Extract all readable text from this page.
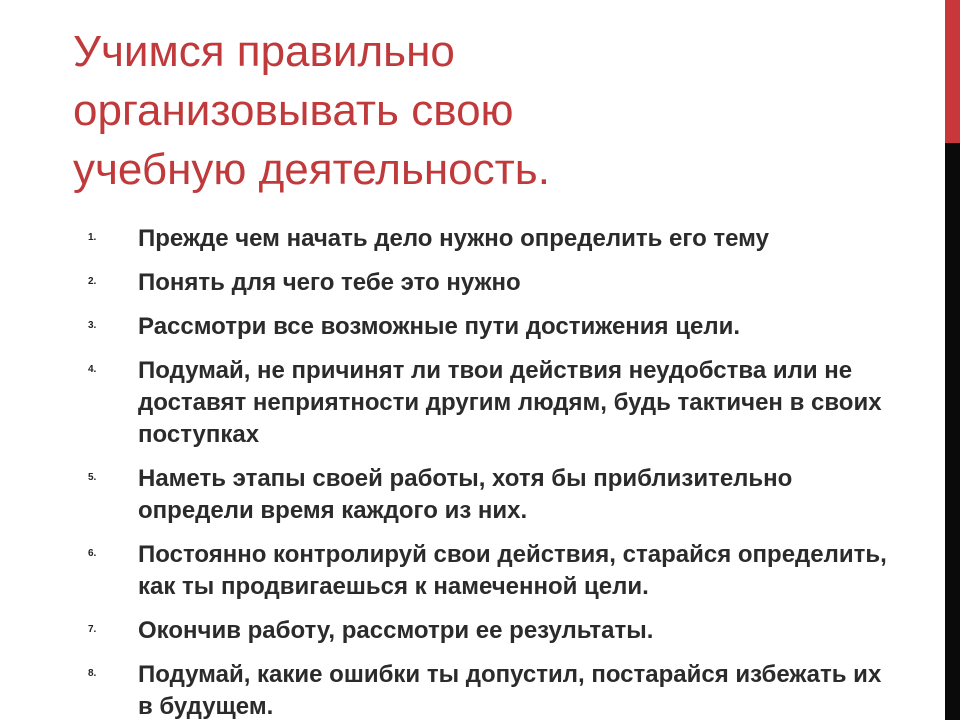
Учимся правильно
организовывать свою
учебную деятельность.
1. Прежде чем начать дело нужно определить его тему
2. Понять для чего тебе это нужно
3. Рассмотри все возможные пути достижения цели.
4. Подумай, не причинят ли твои действия неудобства или не доставят неприятности другим людям, будь тактичен в своих поступках
5. Наметь этапы своей работы, хотя бы приблизительно определи время каждого из них.
6. Постоянно контролируй свои действия, старайся определить, как ты продвигаешься к намеченной цели.
7. Окончив работу, рассмотри ее результаты.
8. Подумай, какие ошибки ты допустил, постарайся избежать их в будущем.
